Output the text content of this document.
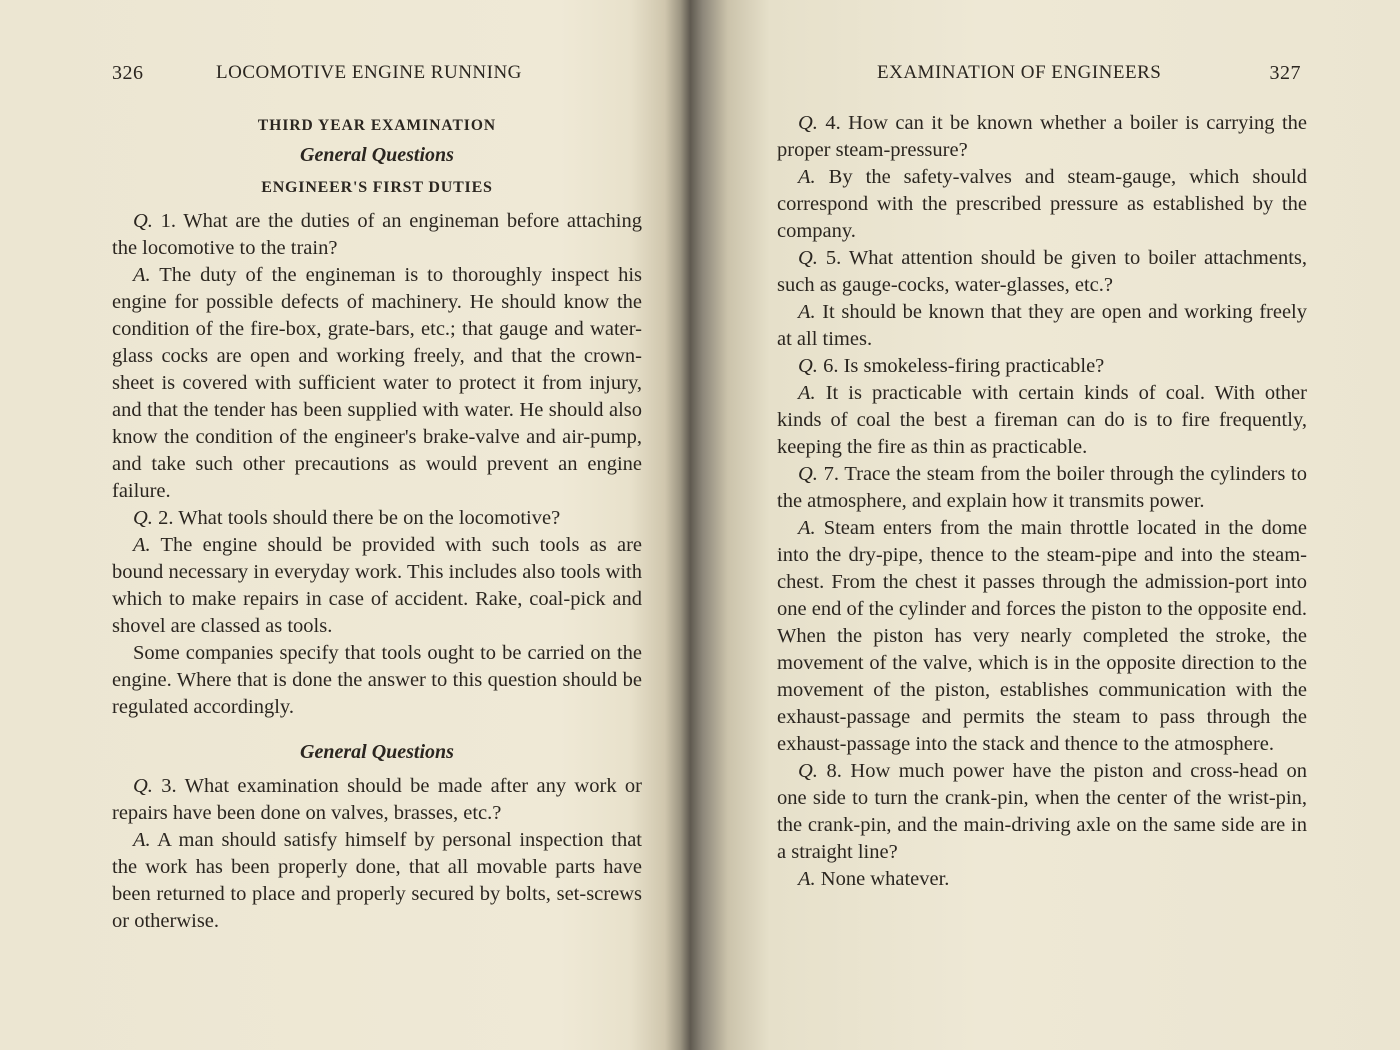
326	LOCOMOTIVE ENGINE RUNNING
THIRD YEAR EXAMINATION
General Questions
ENGINEER'S FIRST DUTIES

Q. 1. What are the duties of an engineman before attaching the locomotive to the train?

A. The duty of the engineman is to thoroughly inspect his engine for possible defects of machinery. He should know the condition of the fire-box, grate-bars, etc.; that gauge and water-glass cocks are open and working freely, and that the crown-sheet is covered with sufficient water to protect it from injury, and that the tender has been supplied with water. He should also know the condition of the engineer's brake-valve and air-pump, and take such other precautions as would prevent an engine failure.

Q. 2. What tools should there be on the locomotive?

A. The engine should be provided with such tools as are bound necessary in everyday work. This includes also tools with which to make repairs in case of accident. Rake, coal-pick and shovel are classed as tools.

Some companies specify that tools ought to be carried on the engine. Where that is done the answer to this question should be regulated accordingly.

General Questions

Q. 3. What examination should be made after any work or repairs have been done on valves, brasses, etc.?

A. A man should satisfy himself by personal inspection that the work has been properly done, that all movable parts have been returned to place and properly secured by bolts, set-screws or otherwise.

EXAMINATION OF ENGINEERS	327

Q. 4. How can it be known whether a boiler is carrying the proper steam-pressure?

A. By the safety-valves and steam-gauge, which should correspond with the prescribed pressure as established by the company.

Q. 5. What attention should be given to boiler attachments, such as gauge-cocks, water-glasses, etc.?

A. It should be known that they are open and working freely at all times.

Q. 6. Is smokeless-firing practicable?

A. It is practicable with certain kinds of coal. With other kinds of coal the best a fireman can do is to fire frequently, keeping the fire as thin as practicable.

Q. 7. Trace the steam from the boiler through the cylinders to the atmosphere, and explain how it transmits power.

A. Steam enters from the main throttle located in the dome into the dry-pipe, thence to the steam-pipe and into the steam-chest. From the chest it passes through the admission-port into one end of the cylinder and forces the piston to the opposite end. When the piston has very nearly completed the stroke, the movement of the valve, which is in the opposite direction to the movement of the piston, establishes communication with the exhaust-passage and permits the steam to pass through the exhaust-passage into the stack and thence to the atmosphere.

Q. 8. How much power have the piston and cross-head on one side to turn the crank-pin, when the center of the wrist-pin, the crank-pin, and the main-driving axle on the same side are in a straight line?

A. None whatever.
